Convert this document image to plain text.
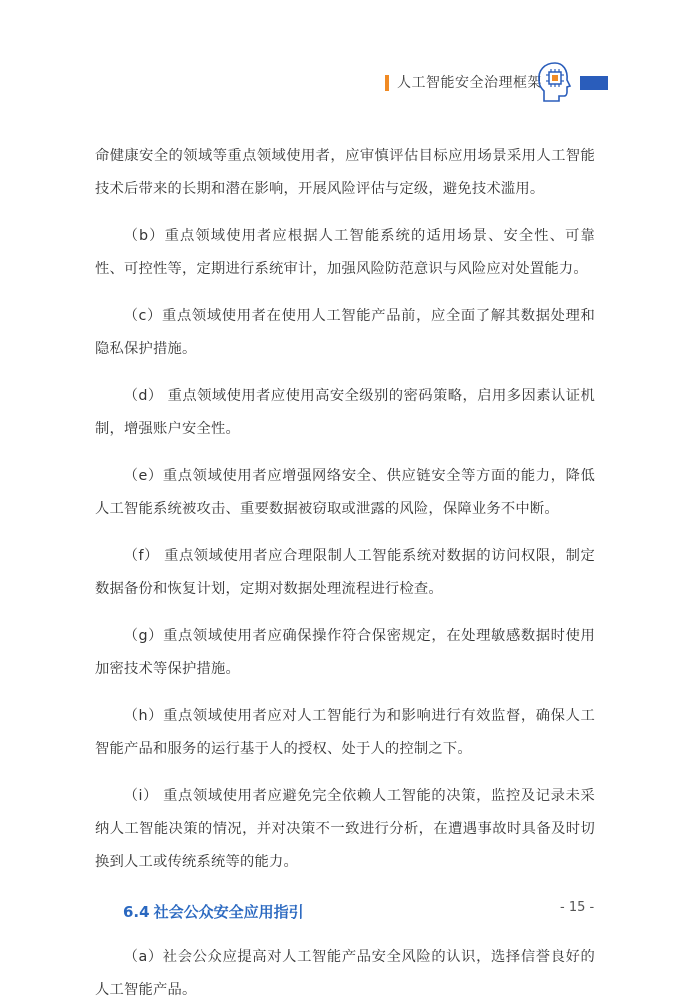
人工智能安全治理框架

命健康安全的领域等重点领域使用者，应审慎评估目标应用场景采用人工智能技术后带来的长期和潜在影响，开展风险评估与定级，避免技术滥用。

（b）重点领域使用者应根据人工智能系统的适用场景、安全性、可靠性、可控性等，定期进行系统审计，加强风险防范意识与风险应对处置能力。

（c）重点领域使用者在使用人工智能产品前，应全面了解其数据处理和隐私保护措施。

（d） 重点领域使用者应使用高安全级别的密码策略，启用多因素认证机制，增强账户安全性。

（e）重点领域使用者应增强网络安全、供应链安全等方面的能力，降低人工智能系统被攻击、重要数据被窃取或泄露的风险，保障业务不中断。

（f） 重点领域使用者应合理限制人工智能系统对数据的访问权限，制定数据备份和恢复计划，定期对数据处理流程进行检查。

（g）重点领域使用者应确保操作符合保密规定，在处理敏感数据时使用加密技术等保护措施。

（h）重点领域使用者应对人工智能行为和影响进行有效监督，确保人工智能产品和服务的运行基于人的授权、处于人的控制之下。

（i） 重点领域使用者应避免完全依赖人工智能的决策，监控及记录未采纳人工智能决策的情况，并对决策不一致进行分析，在遭遇事故时具备及时切换到人工或传统系统等的能力。

6.4 社会公众安全应用指引

（a）社会公众应提高对人工智能产品安全风险的认识，选择信誉良好的人工智能产品。

- 15 -
